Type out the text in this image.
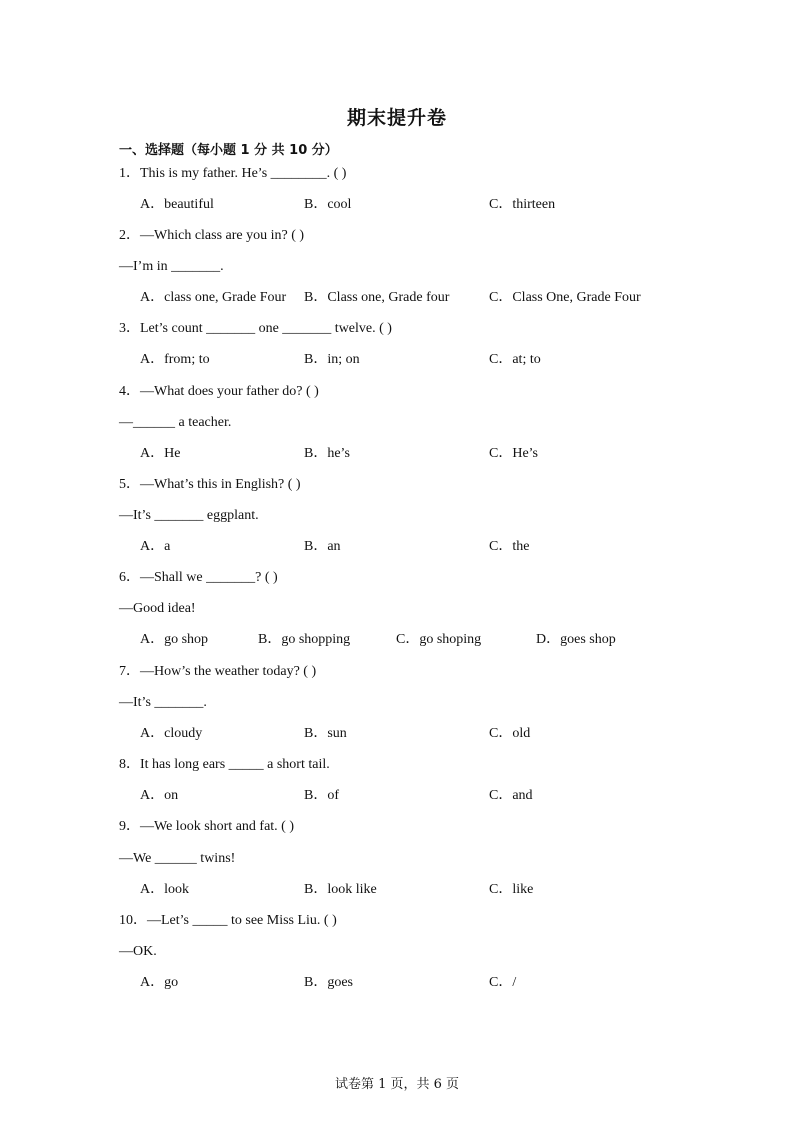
期末提升卷
一、选择题（每小题 1 分 共 10 分）
1．This is my father. He’s ________. ( )
A．beautiful	B．cool	C．thirteen
2．—Which class are you in? ( )
—I’m in _______.
A．class one, Grade Four B．Class one, Grade four	C．Class One, Grade Four
3．Let’s count _______ one _______ twelve. ( )
A．from; to	B．in; on	C．at; to
4．—What does your father do? ( )
—______ a teacher.
A．He	B．he’s	C．He’s
5．—What’s this in English? ( )
—It’s _______ eggplant.
A．a	B．an	C．the
6．—Shall we _______? ( )
—Good idea!
A．go shop	B．go shopping	C．go shoping	D．goes shop
7．—How’s the weather today? ( )
—It’s _______.
A．cloudy	B．sun	C．old
8．It has long ears _____ a short tail.
A．on	B．of	C．and
9．—We look short and fat. ( )
—We ______ twins!
A．look	B．look like	C．like
10．—Let’s _____ to see Miss Liu. ( )
—OK.
A．go	B．goes	C．/
试卷第 1 页，共 6 页
